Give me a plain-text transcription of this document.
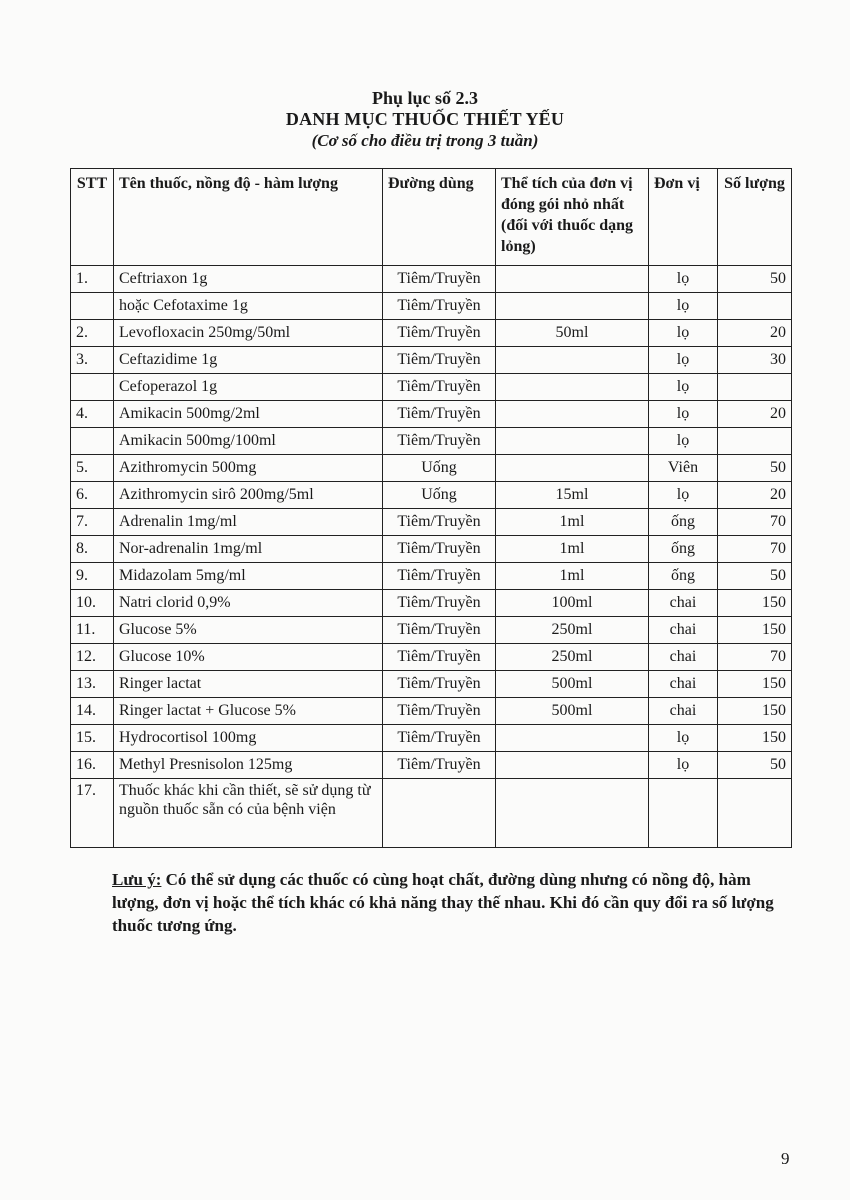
Phụ lục số 2.3
DANH MỤC THUỐC THIẾT YẾU
(Cơ số cho điều trị trong 3 tuần)
STT	Tên thuốc, nồng độ - hàm lượng	Đường dùng	Thể tích của đơn vị đóng gói nhỏ nhất (đối với thuốc dạng lỏng)	Đơn vị	Số lượng
1.	Ceftriaxon 1g	Tiêm/Truyền		lọ	50
	hoặc Cefotaxime 1g	Tiêm/Truyền		lọ	
2.	Levofloxacin 250mg/50ml	Tiêm/Truyền	50ml	lọ	20
3.	Ceftazidime 1g	Tiêm/Truyền		lọ	30
	Cefoperazol 1g	Tiêm/Truyền		lọ	
4.	Amikacin 500mg/2ml	Tiêm/Truyền		lọ	20
	Amikacin 500mg/100ml	Tiêm/Truyền		lọ	
5.	Azithromycin 500mg	Uống		Viên	50
6.	Azithromycin sirô 200mg/5ml	Uống	15ml	lọ	20
7.	Adrenalin 1mg/ml	Tiêm/Truyền	1ml	ống	70
8.	Nor-adrenalin 1mg/ml	Tiêm/Truyền	1ml	ống	70
9.	Midazolam 5mg/ml	Tiêm/Truyền	1ml	ống	50
10.	Natri clorid 0,9%	Tiêm/Truyền	100ml	chai	150
11.	Glucose 5%	Tiêm/Truyền	250ml	chai	150
12.	Glucose 10%	Tiêm/Truyền	250ml	chai	70
13.	Ringer lactat	Tiêm/Truyền	500ml	chai	150
14.	Ringer lactat + Glucose 5%	Tiêm/Truyền	500ml	chai	150
15.	Hydrocortisol 100mg	Tiêm/Truyền		lọ	150
16.	Methyl Presnisolon 125mg	Tiêm/Truyền		lọ	50
17.	Thuốc khác khi cần thiết, sẽ sử dụng từ nguồn thuốc sẵn có của bệnh viện				
Lưu ý: Có thể sử dụng các thuốc có cùng hoạt chất, đường dùng nhưng có nồng độ, hàm lượng, đơn vị hoặc thể tích khác có khả năng thay thế nhau. Khi đó cần quy đổi ra số lượng thuốc tương ứng.
9
